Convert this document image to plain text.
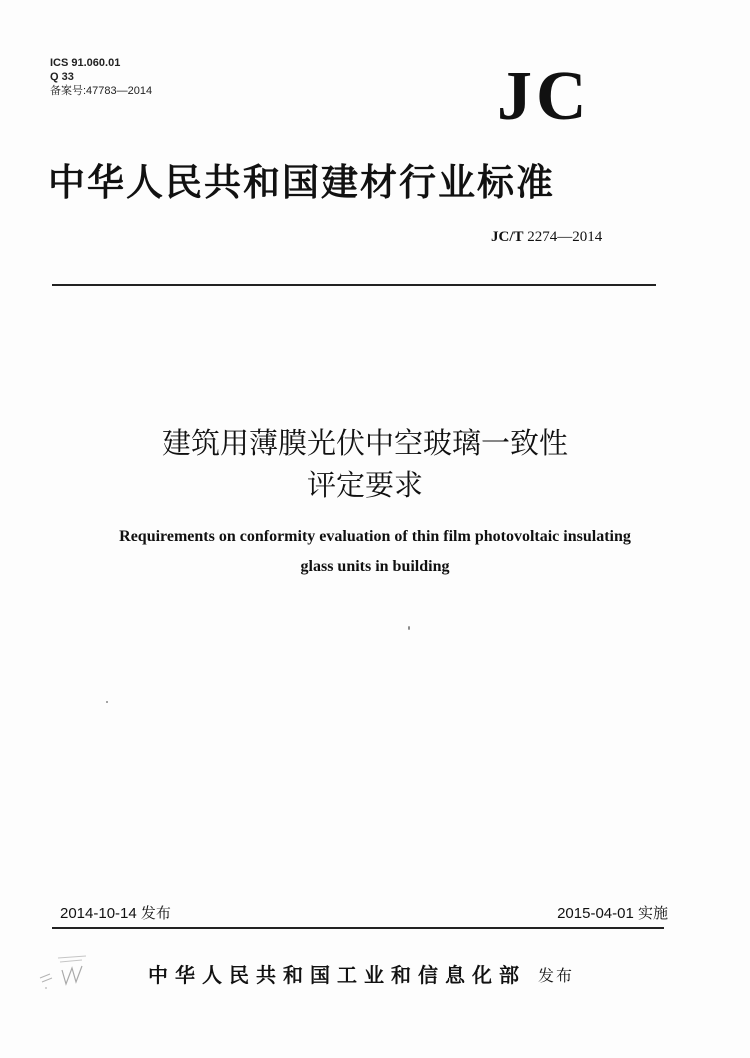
ICS 91.060.01
Q 33
备案号:47783—2014	JC
中华人民共和国建材行业标准
JC/T 2274—2014
建筑用薄膜光伏中空玻璃一致性
评定要求
Requirements on conformity evaluation of thin film photovoltaic insulating
glass units in building
2014-10-14 发布	2015-04-01 实施
中华人民共和国工业和信息化部 发布
